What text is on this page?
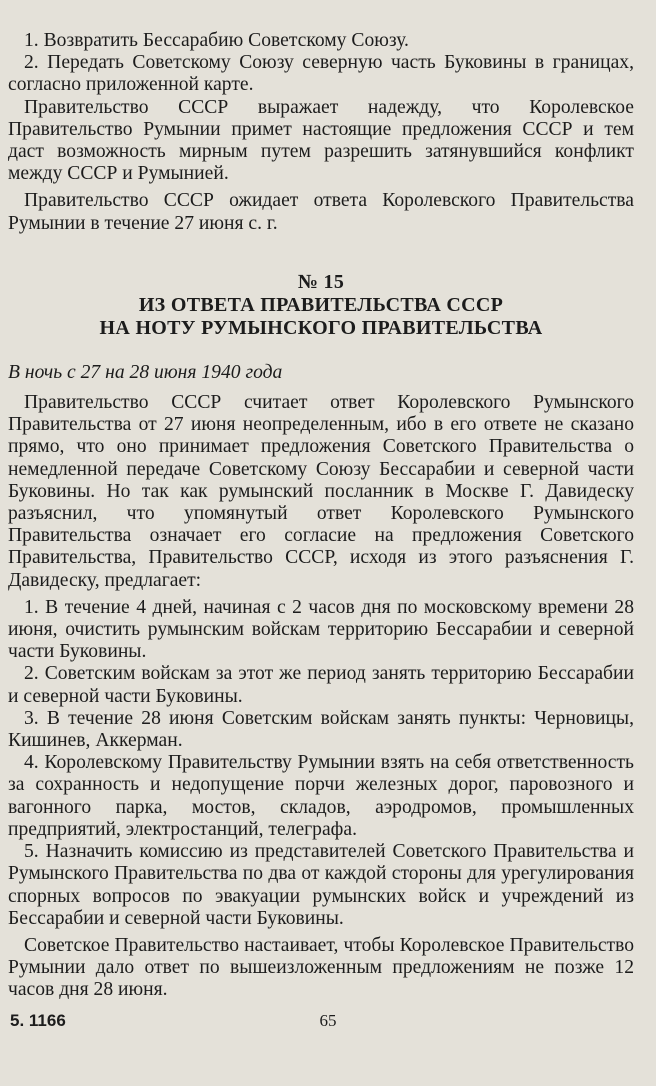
1. Возвратить Бессарабию Советскому Союзу.

2. Передать Советскому Союзу северную часть Буковины в границах, согласно приложенной карте.

Правительство СССР выражает надежду, что Королевское Правительство Румынии примет настоящие предложения СССР и тем даст возможность мирным путем разрешить затянувшийся конфликт между СССР и Румынией.

Правительство СССР ожидает ответа Королевского Правительства Румынии в течение 27 июня с. г.

№ 15
ИЗ ОТВЕТА ПРАВИТЕЛЬСТВА СССР
НА НОТУ РУМЫНСКОГО ПРАВИТЕЛЬСТВА
В ночь с 27 на 28 июня 1940 года

Правительство СССР считает ответ Королевского Румынского Правительства от 27 июня неопределенным, ибо в его ответе не сказано прямо, что оно принимает предложения Советского Правительства о немедленной передаче Советскому Союзу Бессарабии и северной части Буковины. Но так как румынский посланник в Москве Г. Давидеску разъяснил, что упомянутый ответ Королевского Румынского Правительства означает его согласие на предложения Советского Правительства, Правительство СССР, исходя из этого разъяснения Г. Давидеску, предлагает:

1. В течение 4 дней, начиная с 2 часов дня по московскому времени 28 июня, очистить румынским войскам территорию Бессарабии и северной части Буковины.

2. Советским войскам за этот же период занять территорию Бессарабии и северной части Буковины.

3. В течение 28 июня Советским войскам занять пункты: Черновицы, Кишинев, Аккерман.

4. Королевскому Правительству Румынии взять на себя ответственность за сохранность и недопущение порчи железных дорог, паровозного и вагонного парка, мостов, складов, аэродромов, промышленных предприятий, электростанций, телеграфа.

5. Назначить комиссию из представителей Советского Правительства и Румынского Правительства по два от каждой стороны для урегулирования спорных вопросов по эвакуации румынских войск и учреждений из Бессарабии и северной части Буковины.

Советское Правительство настаивает, чтобы Королевское Правительство Румынии дало ответ по вышеизложенным предложениям не позже 12 часов дня 28 июня.

5. 1166	65
